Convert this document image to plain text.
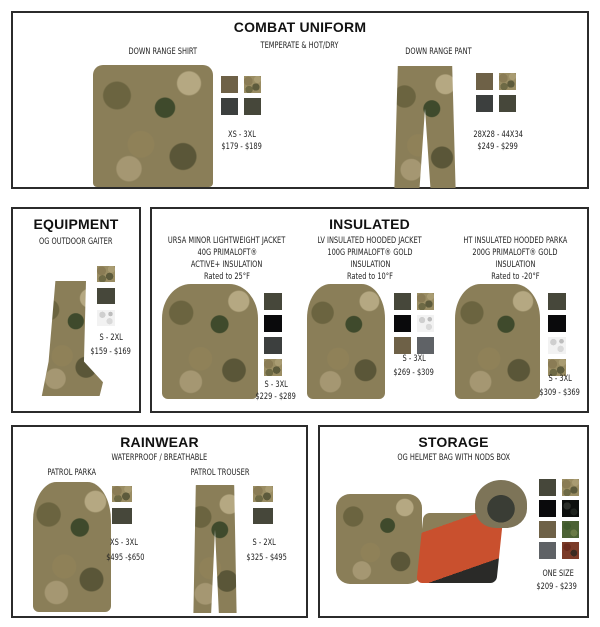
COMBAT UNIFORM
TEMPERATE & HOT/DRY
DOWN RANGE SHIRT
XS - 3XL
$179 - $189
DOWN RANGE PANT
28X28 - 44X34
$249 - $299
EQUIPMENT
OG OUTDOOR GAITER
S - 2XL
$159 - $169
INSULATED
URSA MINOR LIGHTWEIGHT JACKET
40G PRIMALOFT®
ACTIVE+ INSULATION
Rated to 25°F
S - 3XL
$229 - $289
LV INSULATED HOODED JACKET
100G PRIMALOFT® GOLD
INSULATION
Rated to 10°F
S - 3XL
$269 - $309
HT INSULATED HOODED PARKA
200G PRIMALOFT® GOLD
INSULATION
Rated to -20°F
S - 3XL
$309 - $369
RAINWEAR
WATERPROOF / BREATHABLE
PATROL PARKA
XS - 3XL
$495 -$650
PATROL TROUSER
S - 2XL
$325 - $495
STORAGE
OG HELMET BAG WITH NODS BOX
ONE SIZE
$209 - $239
